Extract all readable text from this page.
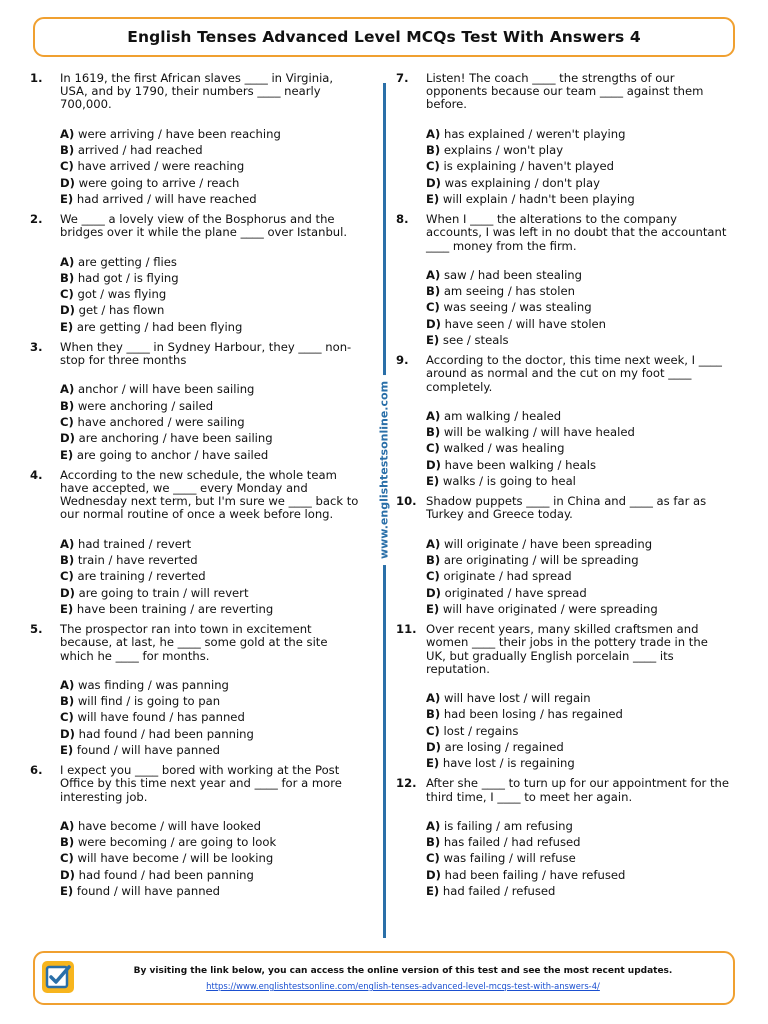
English Tenses Advanced Level MCQs Test With Answers 4
1.	In 1619, the first African slaves ____ in Virginia, USA, and by 1790, their numbers ____ nearly 700,000.
A) were arriving / have been reaching
B) arrived / had reached
C) have arrived / were reaching
D) were going to arrive / reach
E) had arrived / will have reached
2.	We ____ a lovely view of the Bosphorus and the bridges over it while the plane ____ over Istanbul.
A) are getting / flies
B) had got / is flying
C) got / was flying
D) get / has flown
E) are getting / had been flying
3.	When they ____ in Sydney Harbour, they ____ non-stop for three months
A) anchor / will have been sailing
B) were anchoring / sailed
C) have anchored / were sailing
D) are anchoring / have been sailing
E) are going to anchor / have sailed
4.	According to the new schedule, the whole team have accepted, we ____ every Monday and Wednesday next term, but I'm sure we ____ back to our normal routine of once a week before long.
A) had trained / revert
B) train / have reverted
C) are training / reverted
D) are going to train / will revert
E) have been training / are reverting
5.	The prospector ran into town in excitement because, at last, he ____ some gold at the site which he ____ for months.
A) was finding / was panning
B) will find / is going to pan
C) will have found / has panned
D) had found / had been panning
E) found / will have panned
6.	I expect you ____ bored with working at the Post Office by this time next year and ____ for a more interesting job.
A) have become / will have looked
B) were becoming / are going to look
C) will have become / will be looking
D) had found / had been panning
E) found / will have panned
www.englishtestsonline.com
7.	Listen! The coach ____ the strengths of our opponents because our team ____ against them before.
A) has explained / weren't playing
B) explains / won't play
C) is explaining / haven't played
D) was explaining / don't play
E) will explain / hadn't been playing
8.	When I ____ the alterations to the company accounts, I was left in no doubt that the accountant ____ money from the firm.
A) saw / had been stealing
B) am seeing / has stolen
C) was seeing / was stealing
D) have seen / will have stolen
E) see / steals
9.	According to the doctor, this time next week, I ____ around as normal and the cut on my foot ____ completely.
A) am walking / healed
B) will be walking / will have healed
C) walked / was healing
D) have been walking / heals
E) walks / is going to heal
10. Shadow puppets ____ in China and ____ as far as Turkey and Greece today.
A) will originate / have been spreading
B) are originating / will be spreading
C) originate / had spread
D) originated / have spread
E) will have originated / were spreading
11. Over recent years, many skilled craftsmen and women ____ their jobs in the pottery trade in the UK, but gradually English porcelain ____ its reputation.
A) will have lost / will regain
B) had been losing / has regained
C) lost / regains
D) are losing / regained
E) have lost / is regaining
12. After she ____ to turn up for our appointment for the third time, I ____ to meet her again.
A) is failing / am refusing
B) has failed / had refused
C) was failing / will refuse
D) had been failing / have refused
E) had failed / refused
By visiting the link below, you can access the online version of this test and see the most recent updates.
https://www.englishtestsonline.com/english-tenses-advanced-level-mcqs-test-with-answers-4/
